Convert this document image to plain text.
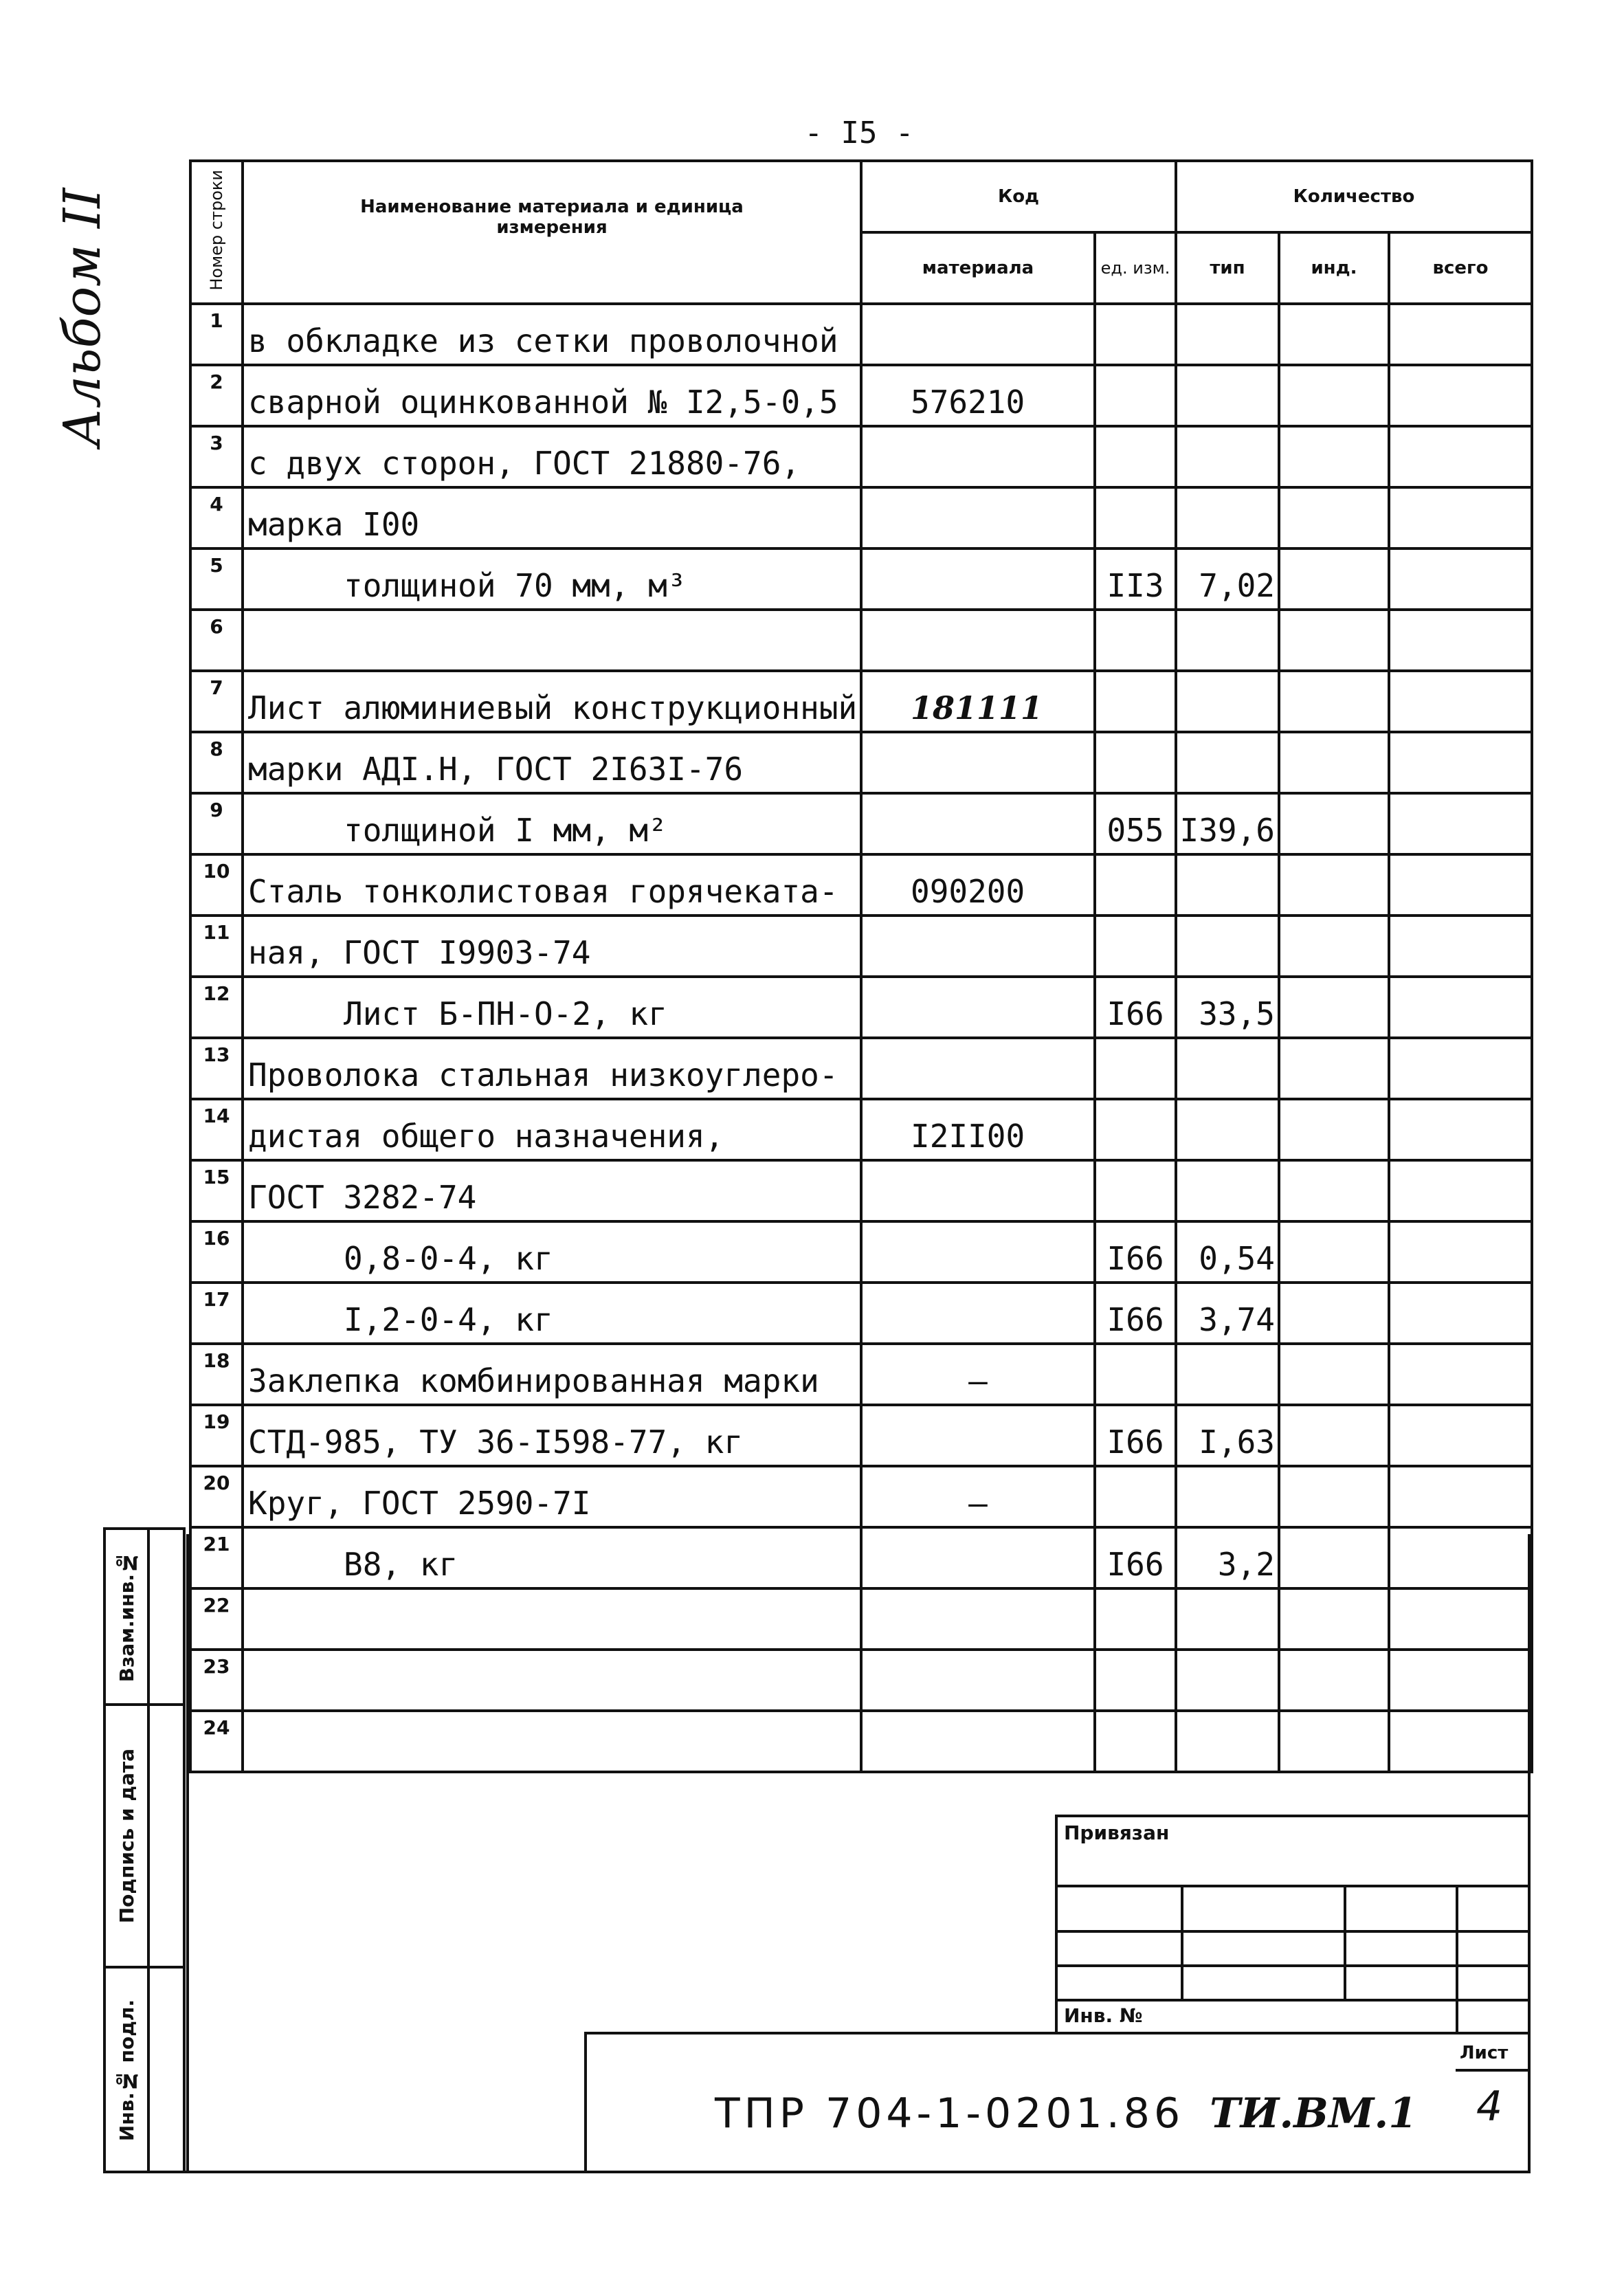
- I5 -
Альбом II	Номер строки	Наименование материала и единица измерения	Код		Количество		
		материала	ед. изм.	тип	инд.	всего
1	в обкладке из сетки проволочной					
2	сварной оцинкованной № I2,5-0,5	576210				
3	с двух сторон, ГОСТ 21880-76,					
4	марка I00					
5	толщиной 70 мм, м³		II3	7,02		
6						
7	Лист алюминиевый конструкционный	181111				
8	марки АДI.Н, ГОСТ 2I63I-76					
9	толщиной I мм, м²		055	I39,6		
10	Сталь тонколистовая горячеката-	090200				
11	ная, ГОСТ I9903-74					
12	Лист Б-ПН-О-2, кг		I66	33,5		
13	Проволока стальная низкоуглеро-					
14	дистая общего назначения,	I2II00				
15	ГОСТ 3282-74					
16	0,8-0-4, кг		I66	0,54		
17	I,2-0-4, кг		I66	3,74		
18	Заклепка комбинированная марки	–				
19	СТД-985, ТУ 36-I598-77, кг		I66	I,63		
20	Круг, ГОСТ 2590-7I	–				
21	В8, кг		I66	3,2		
22						
23						
24						
Взам.инв.№
Подпись и дата
Инв.№ подл.
Привязан
Инв. №
Лист
ТПР 704-1-0201.86 ТИ.ВМ.1 4
